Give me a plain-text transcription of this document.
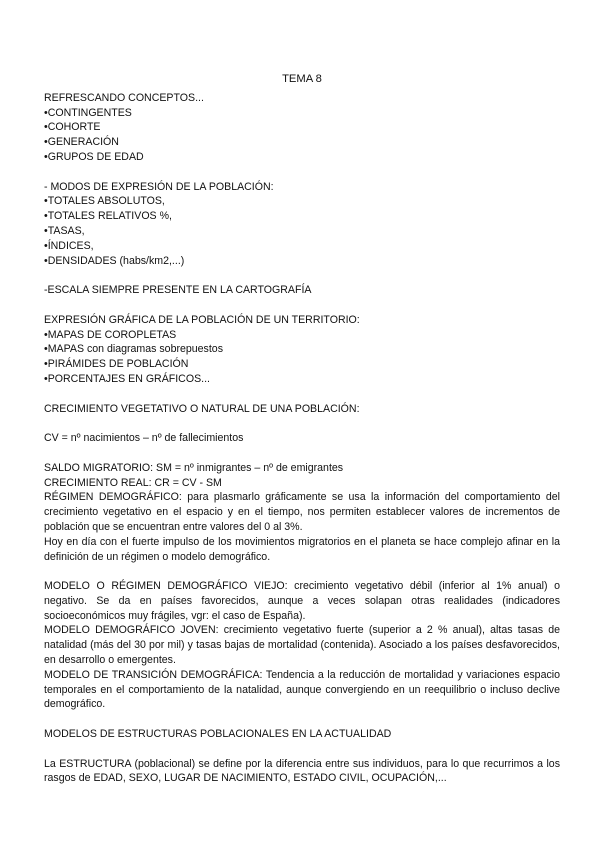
TEMA 8
REFRESCANDO CONCEPTOS...
•CONTINGENTES
•COHORTE
•GENERACIÓN
•GRUPOS DE EDAD
- MODOS DE EXPRESIÓN DE LA POBLACIÓN:
•TOTALES ABSOLUTOS,
•TOTALES RELATIVOS %,
•TASAS,
•ÍNDICES,
•DENSIDADES (habs/km2,...)
-ESCALA SIEMPRE PRESENTE EN LA CARTOGRAFÍA
EXPRESIÓN GRÁFICA DE LA POBLACIÓN DE UN TERRITORIO:
•MAPAS DE COROPLETAS
•MAPAS con diagramas sobrepuestos
•PIRÁMIDES DE POBLACIÓN
•PORCENTAJES EN GRÁFICOS...
CRECIMIENTO VEGETATIVO O NATURAL DE UNA POBLACIÓN:
CV = nº nacimientos – nº de fallecimientos
SALDO MIGRATORIO: SM = nº inmigrantes – nº de emigrantes
CRECIMIENTO REAL: CR = CV - SM
RÉGIMEN DEMOGRÁFICO: para plasmarlo gráficamente se usa la información del comportamiento del crecimiento vegetativo en el espacio y en el tiempo, nos permiten establecer valores de incrementos de población que se encuentran entre valores del 0 al 3%.
Hoy en día con el fuerte impulso de los movimientos migratorios en el planeta se hace complejo afinar en la definición de un régimen o modelo demográfico.
MODELO O RÉGIMEN DEMOGRÁFICO VIEJO: crecimiento vegetativo débil (inferior al 1% anual) o negativo. Se da en países favorecidos, aunque a veces solapan otras realidades (indicadores socioeconómicos muy frágiles, vgr: el caso de España).
MODELO DEMOGRÁFICO JOVEN: crecimiento vegetativo fuerte (superior a 2 % anual), altas tasas de natalidad (más del 30 por mil) y tasas bajas de mortalidad (contenida). Asociado a los países desfavorecidos, en desarrollo o emergentes.
MODELO DE TRANSICIÓN DEMOGRÁFICA: Tendencia a la reducción de mortalidad y variaciones espacio temporales en el comportamiento de la natalidad, aunque convergiendo en un reequilibrio o incluso declive demográfico.
MODELOS DE ESTRUCTURAS POBLACIONALES EN LA ACTUALIDAD
La ESTRUCTURA (poblacional) se define por la diferencia entre sus individuos, para lo que recurrimos a los rasgos de EDAD, SEXO, LUGAR DE NACIMIENTO, ESTADO CIVIL, OCUPACIÓN,...
